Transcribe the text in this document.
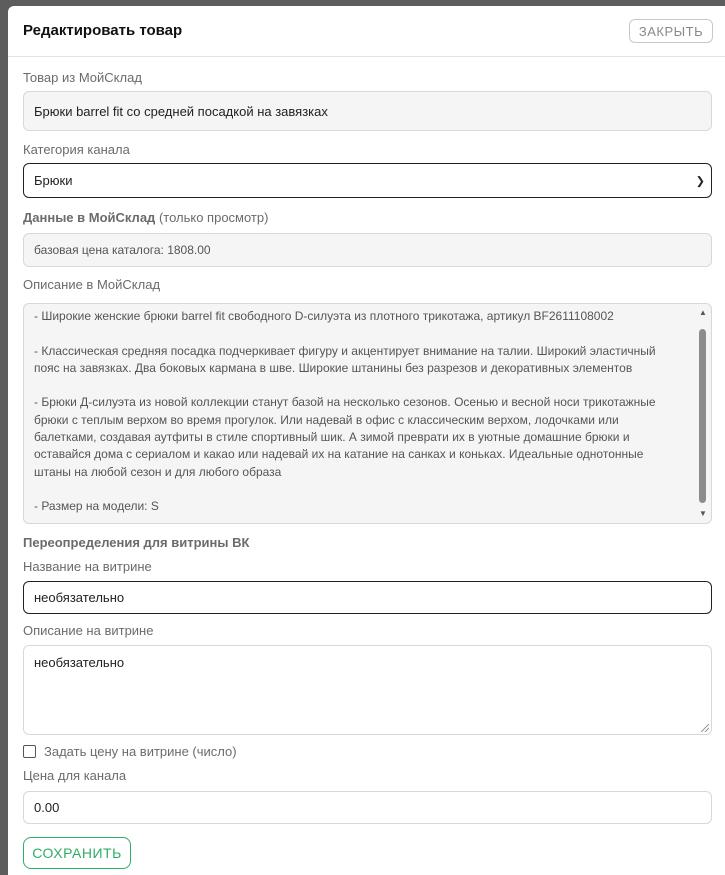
Редактировать товар	ЗАКРЫТЬ
Товар из МойСклад
Брюки barrel fit со средней посадкой на завязках
Категория канала
Брюки	❯
Данные в МойСклад (только просмотр)
базовая цена каталога: 1808.00
Описание в МойСклад
- Широкие женские брюки barrel fit свободного D-силуэта из плотного трикотажа, артикул BF2611108002

- Классическая средняя посадка подчеркивает фигуру и акцентирует внимание на талии. Широкий эластичный
пояс на завязках. Два боковых кармана в шве. Широкие штанины без разрезов и декоративных элементов

- Брюки Д-силуэта из новой коллекции станут базой на несколько сезонов. Осенью и весной носи трикотажные
брюки с теплым верхом во время прогулок. Или надевай в офис с классическим верхом, лодочками или
балетками, создавая аутфиты в стиле спортивный шик. А зимой преврати их в уютные домашние брюки и
оставайся дома с сериалом и какао или надевай их на катание на санках и коньках. Идеальные однотонные
штаны на любой сезон и для любого образа

- Размер на модели: S
▲
▼
Переопределения для витрины ВК
Название на витрине
необязательно
Описание на витрине
необязательно
Задать цену на витрине (число)
Цена для канала
0.00
СОХРАНИТЬ
